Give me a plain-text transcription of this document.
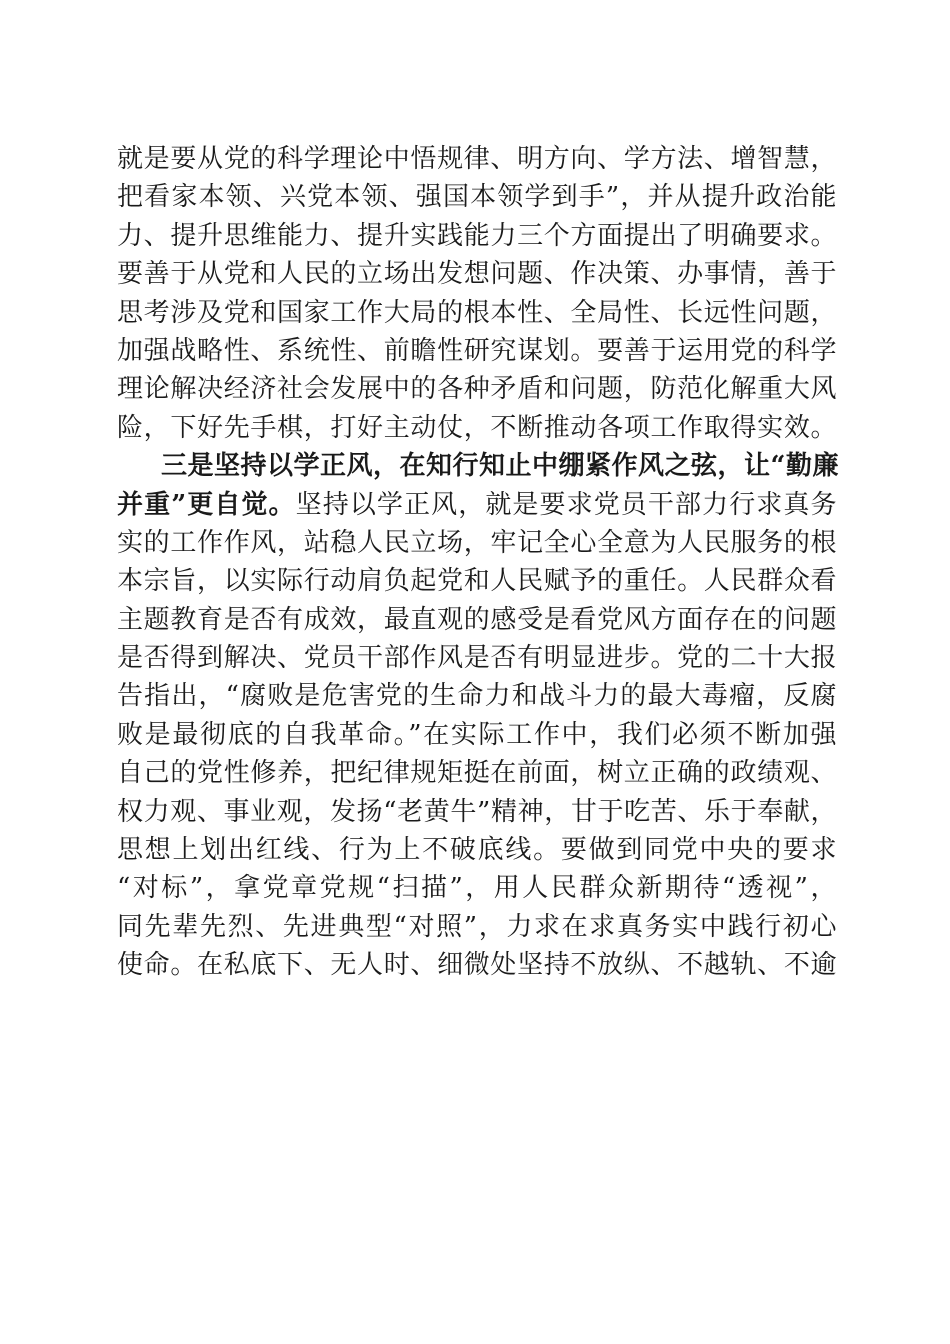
就是要从党的科学理论中悟规律、明方向、学方法、增智慧，
把看家本领、兴党本领、强国本领学到手”，并从提升政治能
力、提升思维能力、提升实践能力三个方面提出了明确要求。
要善于从党和人民的立场出发想问题、作决策、办事情，善于
思考涉及党和国家工作大局的根本性、全局性、长远性问题，
加强战略性、系统性、前瞻性研究谋划。要善于运用党的科学
理论解决经济社会发展中的各种矛盾和问题，防范化解重大风
险，下好先手棋，打好主动仗，不断推动各项工作取得实效。
三是坚持以学正风，在知行知止中绷紧作风之弦，让“勤廉
并重”更自觉。坚持以学正风，就是要求党员干部力行求真务
实的工作作风，站稳人民立场，牢记全心全意为人民服务的根
本宗旨，以实际行动肩负起党和人民赋予的重任。人民群众看
主题教育是否有成效，最直观的感受是看党风方面存在的问题
是否得到解决、党员干部作风是否有明显进步。党的二十大报
告指出，“腐败是危害党的生命力和战斗力的最大毒瘤，反腐
败是最彻底的自我革命。”在实际工作中，我们必须不断加强
自己的党性修养，把纪律规矩挺在前面，树立正确的政绩观、
权力观、事业观，发扬“老黄牛”精神，甘于吃苦、乐于奉献，
思想上划出红线、行为上不破底线。要做到同党中央的要求
“对标”，拿党章党规“扫描”，用人民群众新期待“透视”，
同先辈先烈、先进典型“对照”，力求在求真务实中践行初心
使命。在私底下、无人时、细微处坚持不放纵、不越轨、不逾
